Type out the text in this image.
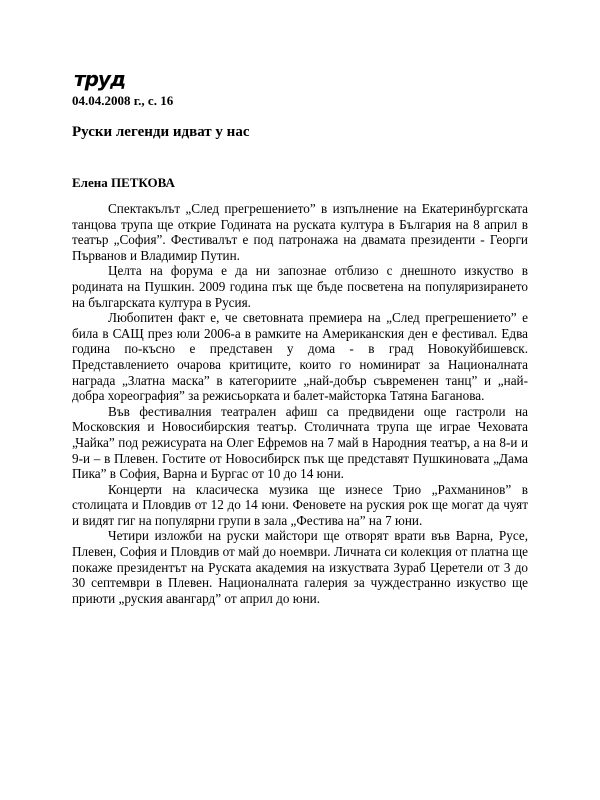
труд
04.04.2008 г., с. 16
Руски легенди идват у нас
Елена ПЕТКОВА

Спектакълът „След прегрешението” в изпълнение на Екатеринбургската танцова трупа ще открие Годината на руската култура в България на 8 април в театър „София”. Фестивалът е под патронажа на двамата президенти - Георги Първанов и Владимир Путин.

Целта на форума е да ни запознае отблизо с днешното изкуство в родината на Пушкин. 2009 година пък ще бъде посветена на популяризирането на българската култура в Русия.

Любопитен факт е, че световната премиера на „След прегрешението” е била в САЩ през юли 2006-а в рамките на Американския ден е фестивал. Едва година по-късно е представен у дома - в град Новокуйбишевск. Представлението очарова критиците, които го номинират за Националната награда „Златна маска” в категориите „най-добър съвременен танц” и „най-добра хореография” за режисьорката и балет-майсторка Татяна Баганова.

Във фестивалния театрален афиш са предвидени още гастроли на Московския и Новосибирския театър. Столичната трупа ще играе Чеховата „Чайка” под режисурата на Олег Ефремов на 7 май в Народния театър, а на 8-и и 9-и – в Плевен. Гостите от Новосибирск пък ще представят Пушкиновата „Дама Пика” в София, Варна и Бургас от 10 до 14 юни.

Концерти на класическа музика ще изнесе Трио „Рахманинов” в столицата и Пловдив от 12 до 14 юни. Феновете на руския рок ще могат да чуят и видят гиг на популярни групи в зала „Фестива на” на 7 юни.

Четири изложби на руски майстори ще отворят врати във Варна, Русе, Плевен, София и Пловдив от май до ноември. Личната си колекция от платна ще покаже президентът на Руската академия на изкуствата Зураб Церетели от 3 до 30 септември в Плевен. Националната галерия за чуждестранно изкуство ще приюти „руския авангард” от април до юни.
